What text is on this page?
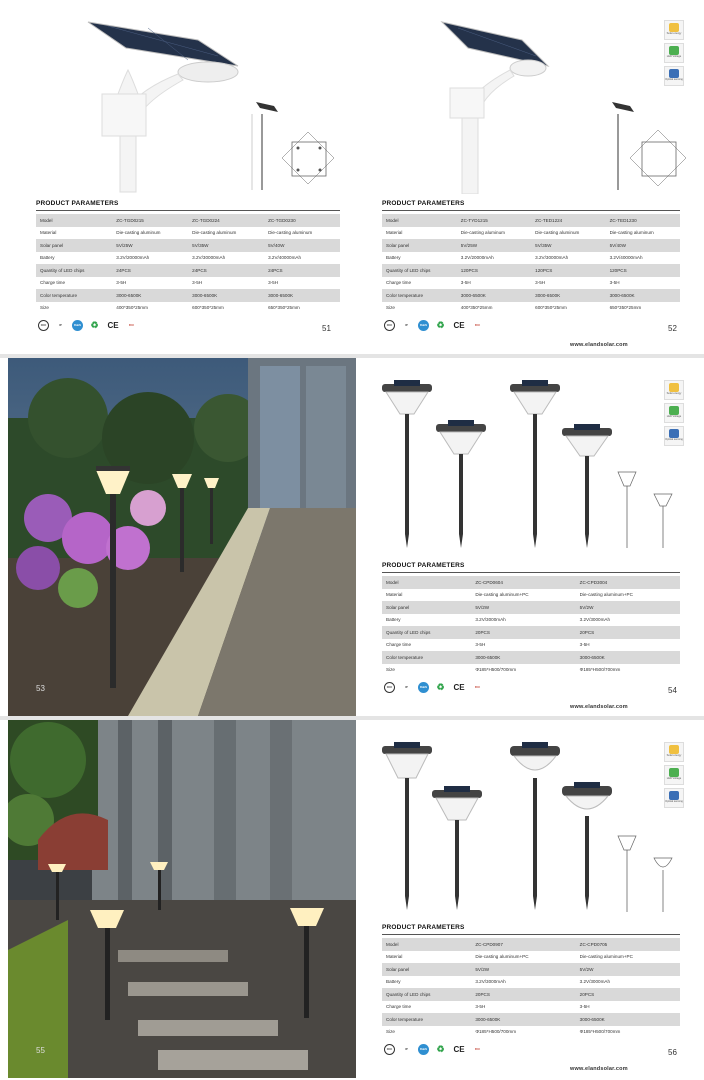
PRODUCT PARAMETERS
Model	ZC-TGD0215	ZC-TGD0224	ZC-TGD0230
Material	Die-casting aluminum	Die-casting aluminum	Die-casting aluminum
Solar panel	5V/25W	5V/35W	5V/40W
Battery	3.2V/20000mAh	3.2V/30000mAh	3.2V/40000mAh
Quantity of LED chips	24PCS	24PCS	24PCS
Charge time	3-5H	3-5H	3-5H
Color temperature	3000-6500K	3000-6500K	3000-6500K
Size	400*350*25mm	600*350*25mm	650*350*25mm
CCC	IP	RoHS ♻ CE	FCC	51
Solar energy
LED Voltage
Optical sensing
PRODUCT PARAMETERS
Model	ZC-TYD1215	ZC-TED1224	ZC-TED1230
Material	Die-casting aluminum	Die-casting aluminum	Die-casting aluminum
Solar panel	5V/25W	5V/35W	5V/40W
Battery	3.2V/20000mAh	3.2V/30000mAh	3.2V/40000mAh
Quantity of LED chips	120PCS	120PCS	120PCS
Charge time	3-5H	3-5H	3-5H
Color temperature	3000-6500K	3000-6500K	3000-6500K
Size	400*350*25mm	600*350*25mm	650*350*25mm
CCC	IP	RoHS ♻ CE	FCC	52
www.elandsolar.com
53
Solar energy
LED Voltage
Optical sensing
PRODUCT PARAMETERS
Model	ZC-CPD0604	ZC-CPD3004
Material	Die-casting aluminum+PC	Die-casting aluminum+PC
Solar panel	5V/2W	5V/2W
Battery	3.2V/3000mAh	3.2V/3000mAh
Quantity of LED chips	20PCS	20PCS
Charge time	3-5H	3-5H
Color temperature	3000-6500K	3000-6500K
Size	Φ185*H500/700mm	Φ185*H500/700mm
CCC	IP	RoHS ♻ CE	FCC	54
www.elandsolar.com
55
Solar energy
LED Voltage
Optical sensing
PRODUCT PARAMETERS
Model	ZC-CPD0907	ZC-CPD0705
Material	Die-casting aluminum+PC	Die-casting aluminum+PC
Solar panel	5V/2W	5V/2W
Battery	3.2V/3000mAh	3.2V/3000mAh
Quantity of LED chips	20PCS	20PCS
Charge time	3-5H	3-5H
Color temperature	3000-6500K	3000-6500K
Size	Φ185*H500/700mm	Φ185*H500/700mm
CCC	IP	RoHS ♻ CE	FCC	56
www.elandsolar.com
